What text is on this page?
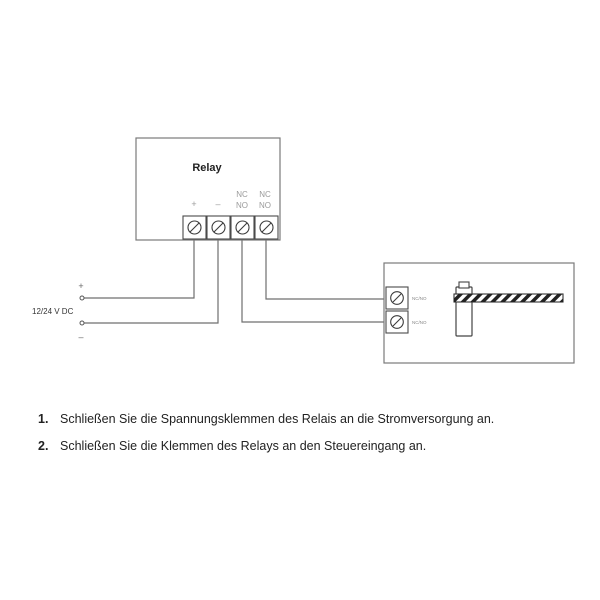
Relay
+ –
NC NO
NC NO
+
12/24 V DC
–
NC/NO
NC/NO
1. Schließen Sie die Spannungsklemmen des Relais an die Stromversorgung an.
2. Schließen Sie die Klemmen des Relays an den Steuereingang an.
